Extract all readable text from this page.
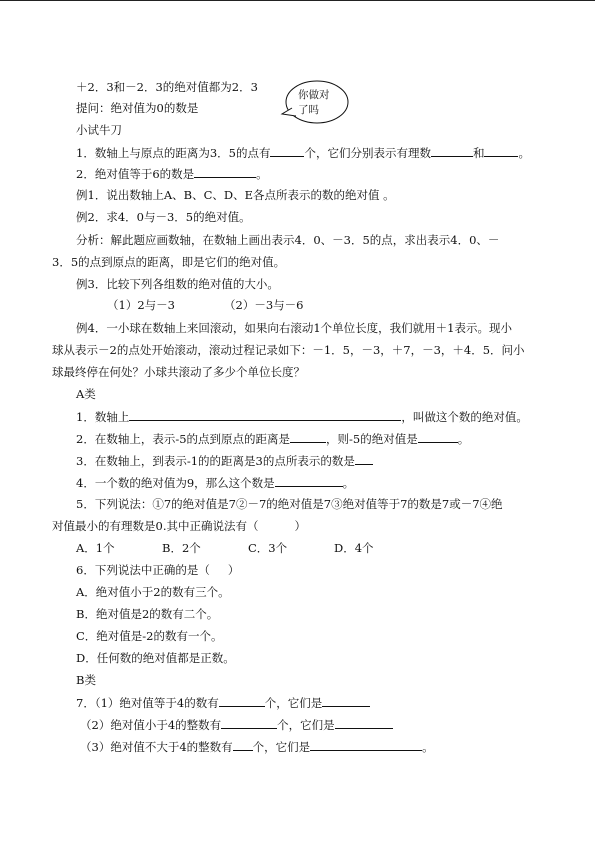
你做对
了吗
＋2．3和－2．3的绝对值都为2．3
提问：绝对值为0的数是
小试牛刀
1．数轴上与原点的距离为3．5的点有	个，它们分别表示有理数	和	。
2．绝对值等于6的数是	。
例1．说出数轴上A、B、C、D、E各点所表示的数的绝对值 。
例2．求4．0与－3．5的绝对值。
分析：解此题应画数轴，在数轴上画出表示4．0、－3．5的点，求出表示4．0、－
3．5的点到原点的距离，即是它们的绝对值。
例3．比较下列各组数的绝对值的大小。
（1）2与－3	（2）－3与－6
例4．一小球在数轴上来回滚动，如果向右滚动1个单位长度，我们就用＋1表示。现小
球从表示－2的点处开始滚动，滚动过程记录如下：－1．5，－3，＋7，－3，＋4．5．问小
球最终停在何处？小球共滚动了多少个单位长度？
A类
1．数轴上	，叫做这个数的绝对值。
2．在数轴上，表示-5的点到原点的距离是	，则-5的绝对值是	。
3．在数轴上，到表示-1的的距离是3的点所表示的数是
4．一个数的绝对值为9，那么这个数是	。
5．下列说法：①7的绝对值是7②－7的绝对值是7③绝对值等于7的数是7或－7④绝
对值最小的有理数是0.其中正确说法有（	）
A．1个	B．2个	C．3个	D．4个
6．下列说法中正确的是（ ）
A．绝对值小于2的数有三个。
B．绝对值是2的数有二个。
C．绝对值是-2的数有一个。
D．任何数的绝对值都是正数。
B类
7．（1）绝对值等于4的数有	个，它们是
（2）绝对值小于4的整数有	个，它们是
（3）绝对值不大于4的整数有 个，它们是	。
